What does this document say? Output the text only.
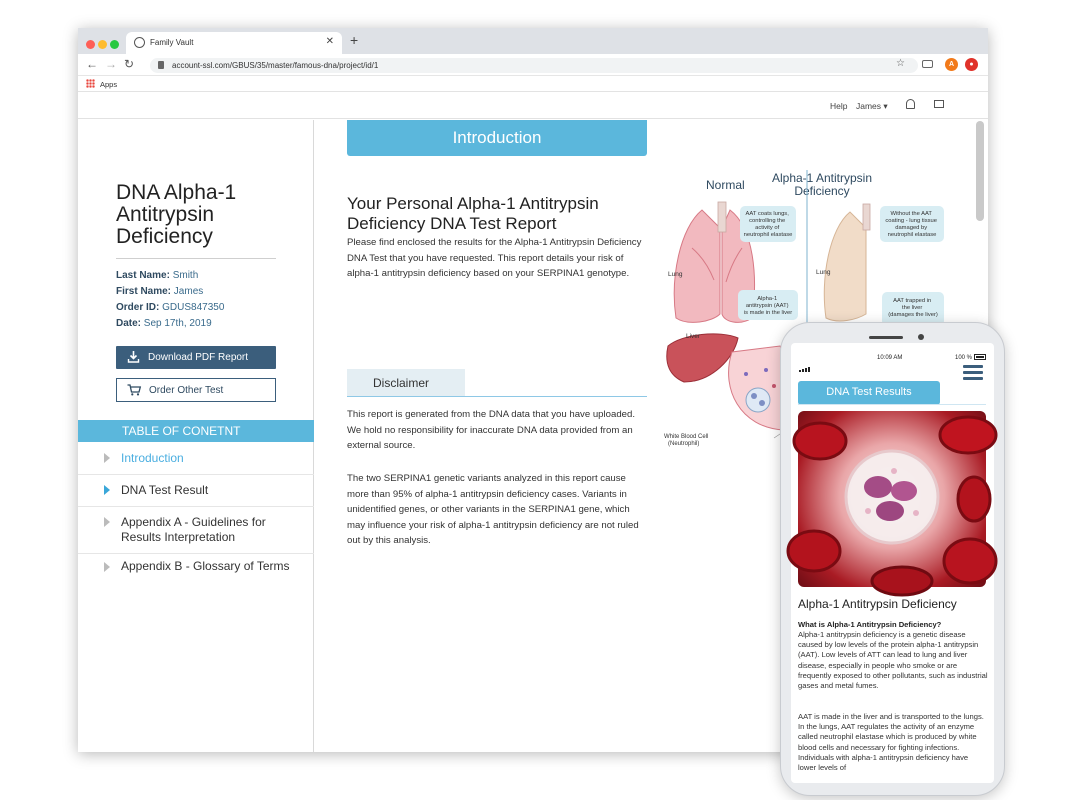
Family Vault	✕ +
← → ↻	account-ssl.com/GBUS/35/master/famous-dna/project/id/1	☆	A	●
Apps
Help James ▾
DNA Alpha-1 Antitrypsin Deficiency
Last Name: Smith
First Name: James
Order ID: GDUS847350
Date: Sep 17th, 2019
Download PDF Report
Order Other Test
TABLE OF CONETNT
Introduction
DNA Test Result
Appendix A - Guidelines for Results Interpretation
Appendix B - Glossary of Terms
Introduction
Your Personal Alpha-1 Antitrypsin Deficiency DNA Test Report
Please find enclosed the results for the Alpha-1 Antitrypsin Deficiency DNA Test that you have requested. This report details your risk of alpha-1 antitrypsin deficiency based on your SERPINA1 genotype.
Disclaimer
This report is generated from the DNA data that you have uploaded. We hold no responsibility for inaccurate DNA data provided from an external source.
The two SERPINA1 genetic variants analyzed in this report cause more than 95% of alpha-1 antitrypsin deficiency cases. Variants in unidentified genes, or other variants in the SERPINA1 gene, which may influence your risk of alpha-1 antitrypsin deficiency are not ruled out by this analysis.
Normal Alpha-1 Antitrypsin
Deficiency
Lung
Liver
White Blood Cell
(Neutrophil)
AAT coats lungs, controlling the activity of neutrophil elastase
Alpha-1 antitrypsin (AAT) is made in the liver
Lung
Without the AAT coating - lung tissue damaged by neutrophil elastase
AAT trapped in the liver (damages the liver)
10:09 AM	100 %
DNA Test Results
Alpha-1 Antitrypsin Deficiency
What is Alpha-1 Antitrypsin Deficiency?
Alpha-1 antitrypsin deficiency is a genetic disease caused by low levels of the protein alpha-1 antitrypsin (AAT). Low levels of ATT can lead to lung and liver disease, especially in people who smoke or are frequently exposed to other pollutants, such as industrial gases and metal fumes.
AAT is made in the liver and is transported to the lungs. In the lungs, AAT regulates the activity of an enzyme called neutrophil elastase which is produced by white blood cells and necessary for fighting infections. Individuals with alpha-1 antitrypsin deficiency have lower levels of
